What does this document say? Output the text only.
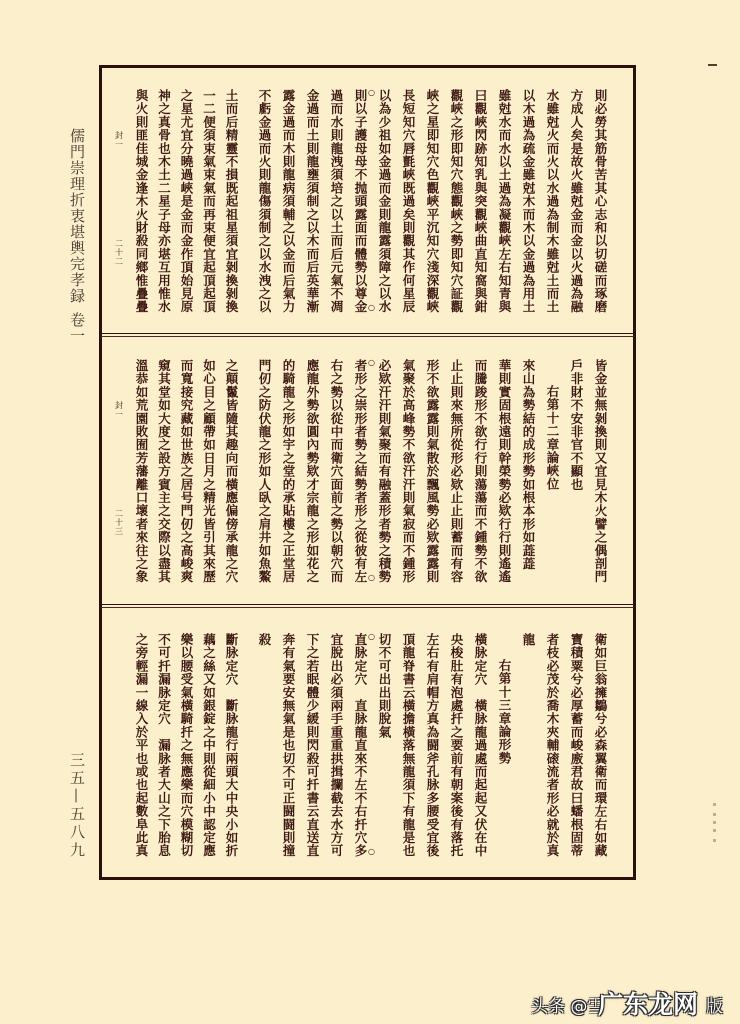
儒門崇理折衷堪輿完孝録
卷一
三五—五八九
則必勞其筋骨苦其心志和以切磋而琢磨
方成人矣是故火雖尅金而金以火過為融
水雖尅火而火以水過為制木雖尅土而土
以木過為疏金雖尅木而木以金過為用土
雖尅水而水以土過為凝觀峽左右知青與
曰觀峽閃跡知乳與突觀峽曲直知窩與鉗
觀峽之形即知穴態觀峽之勢即知穴証觀
峽之星即知穴色觀峽平沉知穴淺深觀峽
長短知穴唇氈峽既過矣則觀其作何星辰
以為少祖如金過而金則龍露須障之以水
則以子護母母不抛頭露面而體勢以尊金
過而水則龍洩須培之以土而后元氣不凋
金過而土則龍壅須制之以木而后英華漸
露金過而木則龍病須輔之以金而后氣力
不虧金過而火則龍傷須制之以水洩之以
土而后精靈不損既起祖星須宜剝換剝換
一二便須束氣束氣而再束便宜起頂起頂
之星尤宜分曉過峽是金而金作頂始見原
神之真骨也木土二星子母亦堪互用惟水
與火則匪佳城金逢木火財殺同鄉惟疊疊
封一
二十二
○
○
皆金並無剝換則又宜見木火譬之偶剖門
戶非財不安非官不顯也
右第十二章論峽位
來山為勢結的成形勢如根本形如蕋蕋
華則實固根遠則幹榮勢必欵行行則遙遙
而騰踆形不欲行行則蕩蕩而不鍾勢不欲
止止則來無所從形必欵止止則蓄而有容
形不欲露露則氣散於飄風勢必欵露露則
氣聚於高峰勢不欲汗汗則氣寂而不鍾形
必欵汗汗則氣聚而有融蓋形者勢之積勢
者形之崇形者勢之結勢者形之從彼有左
右之勢以從中而衛穴面前之勢以朝穴而
應龍外勢欲圓內勢欵才宗龍之形如花之
的騎龍之形如宇之堂的承貼樓之正堂居
門仞之防伏龍之形如人臥之肩井如魚鰲
之顛鬣皆隨其趣向而橫應偏傍承龍之穴
如心目之顧帶如日月之精光皆引其來歷
而寬接究藏如世族之居号門仞之高峻爽
窺其堂如大度之設方賓主之交際以盡其
溫恭如荒園敗囿芳藩離口壞者來往之象
封一
二十三
○
○
衛如巨翁擁鶵兮必森翼衛而環左右如藏
寶積粟兮必厚蓄而峻廒君故曰蟠根固蒂
者枝必茂於喬木夾輔磙流者形必就於真
龍
右第十三章論形勢
橫脉定穴　橫脉龍過處而起起又伏在中
央梭肚有泡處扦之要前有朝案後有落托
左右有肩帽方真為闘斧孔脉多腰受宜後
頂龍脊書云橫擔橫落無龍須下有龍是也
切不可出出則脫氣
直脉定穴　直脉龍直來不左不右扦穴多
宜脫出必須兩手重重拱揖攔截去水方可
下之若眠體少緩則閃殺可扦書云直送直
奔有氣要安無氣是也切不可正闘闘則撞
殺
斷脉定穴　斷脉龍行兩頭大中央小如折
藕之絲又如銀錠之中則從細小中認定應
樂以腰受氣橫騎扦之無應樂而穴模糊切
不可扦漏脉定穴　漏脉者大山之下胎息
之旁輕漏一線入於平也或也起數阜此真	○
○
头条 @雪
广东龙网 版
